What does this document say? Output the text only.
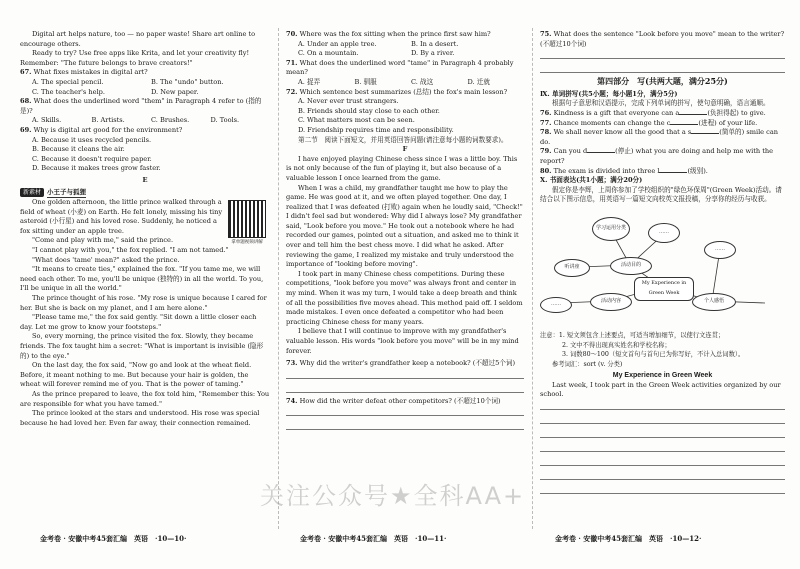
Digital art helps nature, too — no paper waste! Share art online to encourage others.

Ready to try? Use free apps like Krita, and let your creativity fly! Remember: "The future belongs to brave creators!"

67. What fixes mistakes in digital art?

A. The special pencil.	B. The "undo" button.
C. The teacher's help.	D. New paper.

68. What does the underlined word "them" in Paragraph 4 refer to (指的是)?

A. Skills.	B. Artists.	C. Brushes.	D. Tools.

69. Why is digital art good for the environment?

A. Because it uses recycled pencils.

B. Because it cleans the air.

C. Because it doesn't require paper.

D. Because it makes trees grow faster.

E

新素材 小王子与狐狸

拿单题视频讲解

One golden afternoon, the little prince walked through a field of wheat (小麦) on Earth. He felt lonely, missing his tiny asteroid (小行星) and his loved rose. Suddenly, he noticed a fox sitting under an apple tree.

"Come and play with me," said the prince.

"I cannot play with you," the fox replied. "I am not tamed."

"What does 'tame' mean?" asked the prince.

"It means to create ties," explained the fox. "If you tame me, we will need each other. To me, you'll be unique (独特的) in all the world. To you, I'll be unique in all the world."

The prince thought of his rose. "My rose is unique because I cared for her. But she is back on my planet, and I am here alone."

"Please tame me," the fox said gently. "Sit down a little closer each day. Let me grow to know your footsteps."

So, every morning, the prince visited the fox. Slowly, they became friends. The fox taught him a secret: "What is important is invisible (隐形的) to the eye."

On the last day, the fox said, "Now go and look at the wheat field. Before, it meant nothing to me. But because your hair is golden, the wheat will forever remind me of you. That is the power of taming."

As the prince prepared to leave, the fox told him, "Remember this: You are responsible for what you have tamed."

The prince looked at the stars and understood. His rose was special because he had loved her. Even far away, their connection remained.

金考卷 · 安徽中考45套汇编　英语　·10—10·

70. Where was the fox sitting when the prince first saw him?

A. Under an apple tree.	B. In a desert.
C. On a mountain.	D. By a river.

71. What does the underlined word "tame" in Paragraph 4 probably mean?

A. 捉弄	B. 驯服	C. 战这	D. 迁就

72. Which sentence best summarizes (总结) the fox's main lesson?

A. Never ever trust strangers.

B. Friends should stay close to each other.

C. What matters most can be seen.

D. Friendship requires time and responsibility.

第二节　阅读下面短文，并用英语回答问题(请注意每小题的词数要求)。

F

I have enjoyed playing Chinese chess since I was a little boy. This is not only because of the fun of playing it, but also because of a valuable lesson I once learned from the game.

When I was a child, my grandfather taught me how to play the game. He was good at it, and we often played together. One day, I realized that I was defeated (打败) again when he loudly said, "Check!" I didn't feel sad but wondered: Why did I always lose? My grandfather said, "Look before you move." He took out a notebook where he had recorded our games, pointed out a situation, and asked me to think it over and tell him the best chess move. I did what he asked. After reviewing the game, I realized my mistake and truly understood the importance of "looking before moving".

I took part in many Chinese chess competitions. During these competitions, "look before you move" was always front and center in my mind. When it was my turn, I would take a deep breath and think of all the possibilities five moves ahead. This method paid off. I seldom made mistakes. I even once defeated a competitor who had been practicing Chinese chess for many years.

I believe that I will continue to improve with my grandfather's valuable lesson. His words "look before you move" will be in my mind forever.

73. Why did the writer's grandfather keep a notebook? (不超过5个词)

74. How did the writer defeat other competitors? (不超过10个词)

金考卷 · 安徽中考45套汇编　英语　·10—11·

75. What does the sentence "Look before you move" mean to the writer? (不超过10个词)

第四部分　写(共两大题，满分25分)

Ⅸ. 单词拼写(共5小题；每小题1分，满分5分)

根据句子意思和汉语提示，完成下列单词的拼写，使句意明确，语言通顺。

76. Kindness is a gift that everyone can a	(负担得起) to give.

77. Chance moments can change the c	(进程) of your life.

78. We shall never know all the good that a s	(简单的) smile can do.

79. Can you d	(停止) what you are doing and help me with the report?

80. The exam is divided into three l	(级别).

Ⅹ. 书面表达(共1小题；满分20分)

假定你是李辉，上周你参加了学校组织的"绿色环保周"(Green Week)活动。请结合以下图示信息，用英语写一篇短文向校英文报投稿，分享你的经历与收获。

学习运用分类
……
活动目的
听讲座
My Experience in Green Week
活动内容
……	个人感悟
……

注意：1. 短文须包含上述要点，可适当增加细节，以使行文连贯；

2. 文中不得出现真实姓名和学校名称；

3. 词数80～100（短文首句与首句已为你写好，不计入总词数）。

参考词汇：sort (v. 分类)

My Experience in Green Week

Last week, I took part in the Green Week activities organized by our school.

金考卷 · 安徽中考45套汇编　英语　·10—12·
关注公众号★全科AA+
